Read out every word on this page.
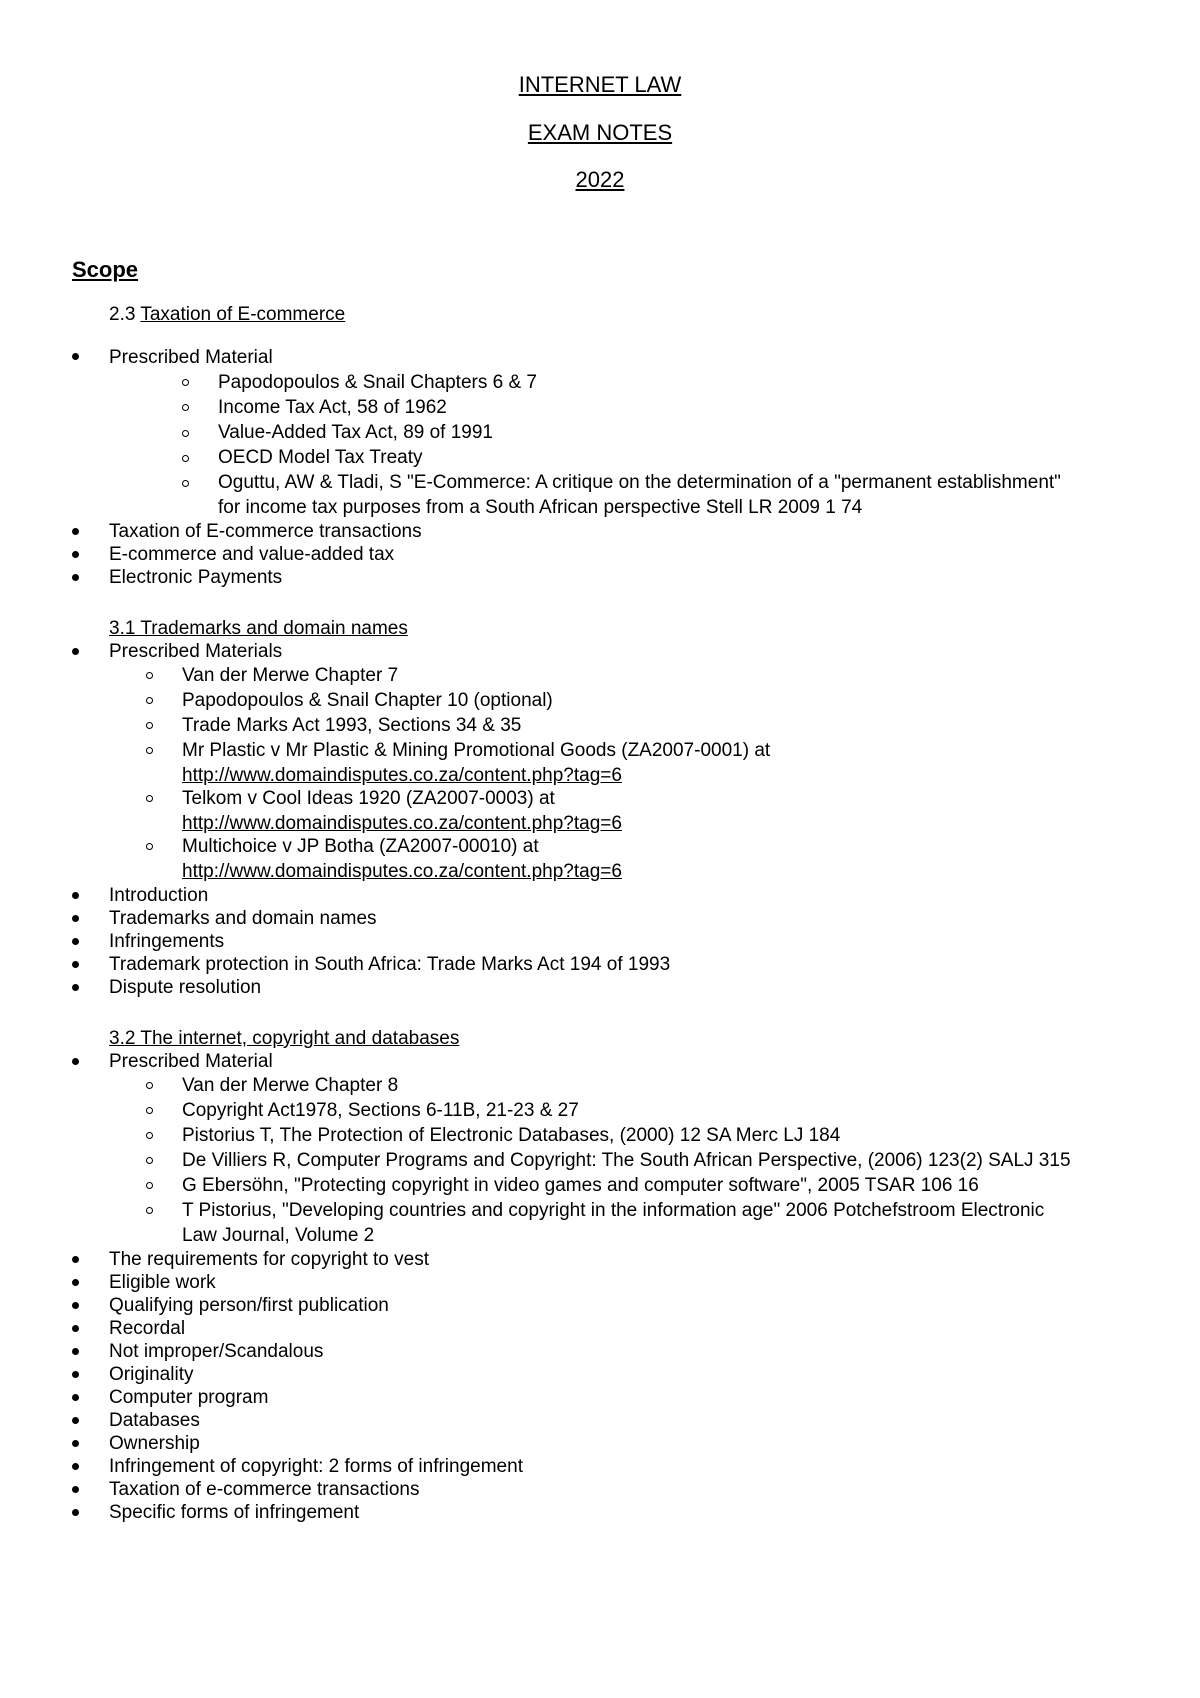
INTERNET LAW
EXAM NOTES
2022
Scope
2.3 Taxation of E-commerce
Prescribed Material
Papodopoulos & Snail Chapters 6 & 7
Income Tax Act, 58 of 1962
Value-Added Tax Act, 89 of 1991
OECD Model Tax Treaty
Oguttu, AW & Tladi, S "E-Commerce: A critique on the determination of a "permanent establishment"
for income tax purposes from a South African perspective Stell LR 2009 1 74
Taxation of E-commerce transactions
E-commerce and value-added tax
Electronic Payments
3.1 Trademarks and domain names
Prescribed Materials
Van der Merwe Chapter 7
Papodopoulos & Snail Chapter 10 (optional)
Trade Marks Act 1993, Sections 34 & 35
Mr Plastic v Mr Plastic & Mining Promotional Goods (ZA2007-0001) at
http://www.domaindisputes.co.za/content.php?tag=6
Telkom v Cool Ideas 1920 (ZA2007-0003) at
http://www.domaindisputes.co.za/content.php?tag=6
Multichoice v JP Botha (ZA2007-00010) at
http://www.domaindisputes.co.za/content.php?tag=6
Introduction
Trademarks and domain names
Infringements
Trademark protection in South Africa: Trade Marks Act 194 of 1993
Dispute resolution
3.2 The internet, copyright and databases
Prescribed Material
Van der Merwe Chapter 8
Copyright Act1978, Sections 6-11B, 21-23 & 27
Pistorius T, The Protection of Electronic Databases, (2000) 12 SA Merc LJ 184
De Villiers R, Computer Programs and Copyright: The South African Perspective, (2006) 123(2) SALJ 315
G Ebersöhn, "Protecting copyright in video games and computer software", 2005 TSAR 106 16
T Pistorius, "Developing countries and copyright in the information age" 2006 Potchefstroom Electronic
Law Journal, Volume 2
The requirements for copyright to vest
Eligible work
Qualifying person/first publication
Recordal
Not improper/Scandalous
Originality
Computer program
Databases
Ownership
Infringement of copyright: 2 forms of infringement
Taxation of e-commerce transactions
Specific forms of infringement
